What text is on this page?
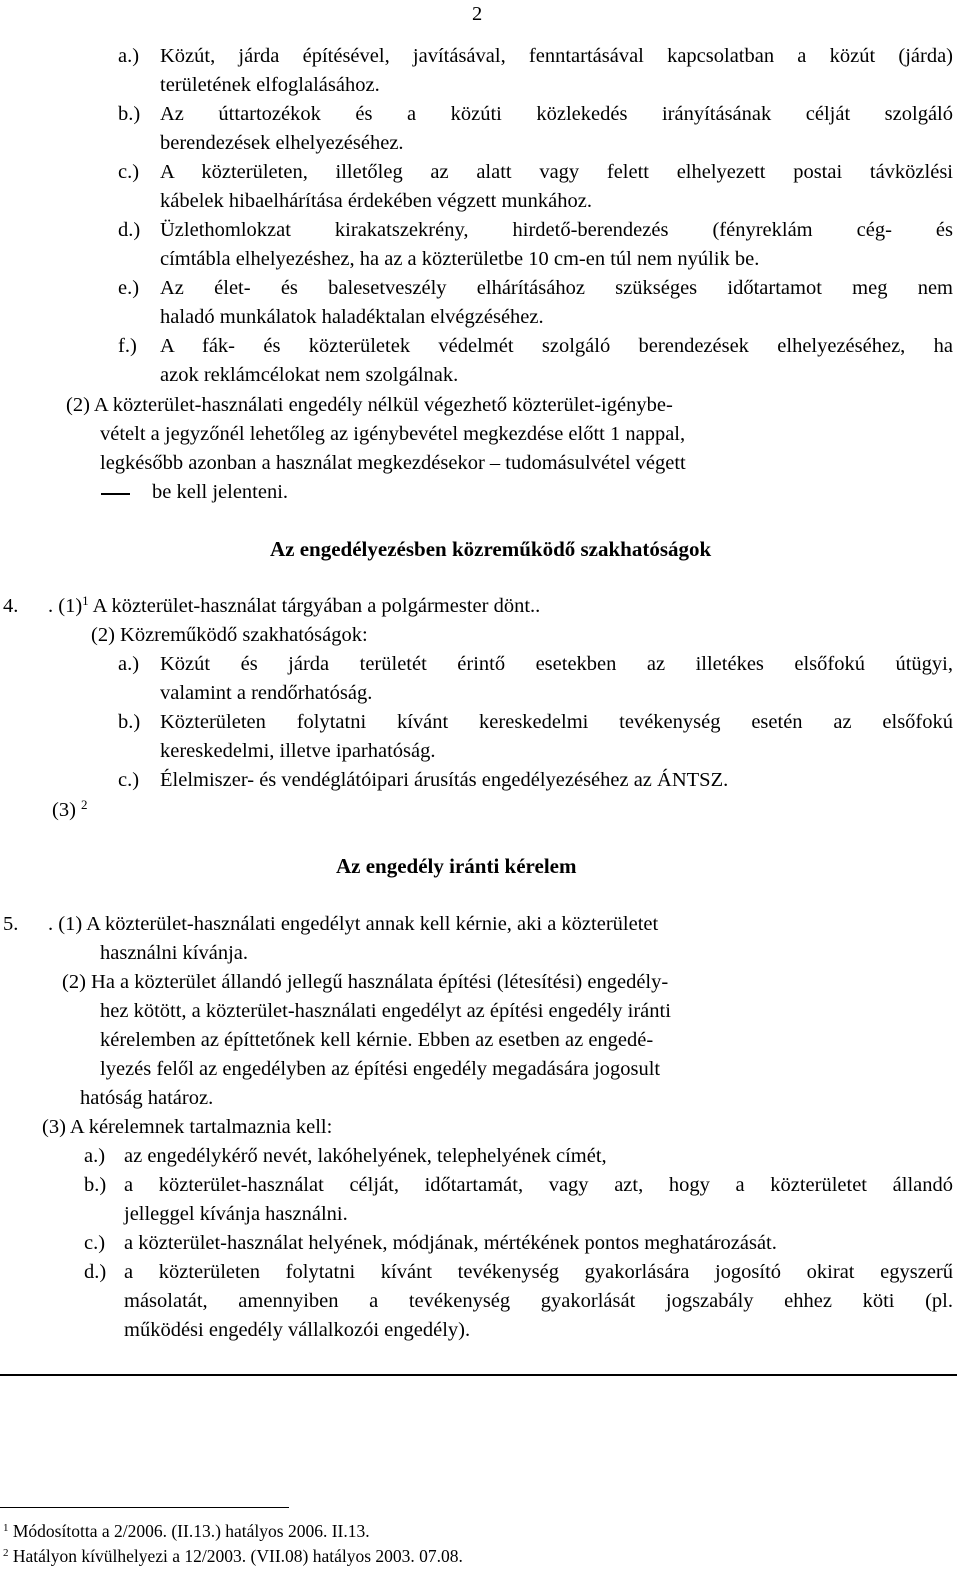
2
a.) Közút, járda építésével, javításával, fenntartásával kapcsolatban a közút (járda)
területének elfoglalásához.
b.) Az úttartozékok és a közúti közlekedés irányításának célját szolgáló
berendezések elhelyezéséhez.
c.) A közterületen, illetőleg az alatt vagy felett elhelyezett postai távközlési
kábelek hibaelhárítása érdekében végzett munkához.
d.) Üzlethomlokzat kirakatszekrény, hirdető-berendezés (fényreklám cég- és
címtábla elhelyezéshez, ha az a közterületbe 10 cm-en túl nem nyúlik be.
e.) Az élet- és balesetveszély elhárításához szükséges időtartamot meg nem
haladó munkálatok haladéktalan elvégzéséhez.
f.) A fák- és közterületek védelmét szolgáló berendezések elhelyezéséhez, ha
azok reklámcélokat nem szolgálnak.
(2) A közterület-használati engedély nélkül végezhető közterület-igénybe-
vételt a jegyzőnél lehetőleg az igénybevétel megkezdése előtt 1 nappal,
legkésőbb azonban a használat megkezdésekor – tudomásulvétel végett
be kell jelenteni.
Az engedélyezésben közreműködő szakhatóságok
4. . $(1)^1$ A közterület-használat tárgyában a polgármester dönt..
(2) Közreműködő szakhatóságok:
a.) Közút és járda területét érintő esetekben az illetékes elsőfokú útügyi,
valamint a rendőrhatóság.
b.) Közterületen folytatni kívánt kereskedelmi tevékenység esetén az elsőfokú
kereskedelmi, illetve iparhatóság.
c.) Élelmiszer- és vendéglátóipari árusítás engedélyezéséhez az ÁNTSZ.
(3) $^2$
Az engedély iránti kérelem
5. . (1) A közterület-használati engedélyt annak kell kérnie, aki a közterületet
használni kívánja.
(2) Ha a közterület állandó jellegű használata építési (létesítési) engedély-
hez kötött, a közterület-használati engedélyt az építési engedély iránti
kérelemben az építtetőnek kell kérnie. Ebben az esetben az engedé-
lyezés felől az engedélyben az építési engedély megadására jogosult
hatóság határoz.
(3) A kérelemnek tartalmaznia kell:
a.) az engedélykérő nevét, lakóhelyének, telephelyének címét,
b.) a közterület-használat célját, időtartamát, vagy azt, hogy a közterületet állandó
jelleggel kívánja használni.
c.) a közterület-használat helyének, módjának, mértékének pontos meghatározását.
d.) a közterületen folytatni kívánt tevékenység gyakorlására jogosító okirat egyszerű
másolatát, amennyiben a tevékenység gyakorlását jogszabály ehhez köti (pl.
működési engedély vállalkozói engedély).
$^1$ Módosította a 2/2006. (II.13.) hatályos 2006. II.13.
$^2$ Hatályon kívülhelyezi a 12/2003. (VII.08) hatályos 2003. 07.08.
